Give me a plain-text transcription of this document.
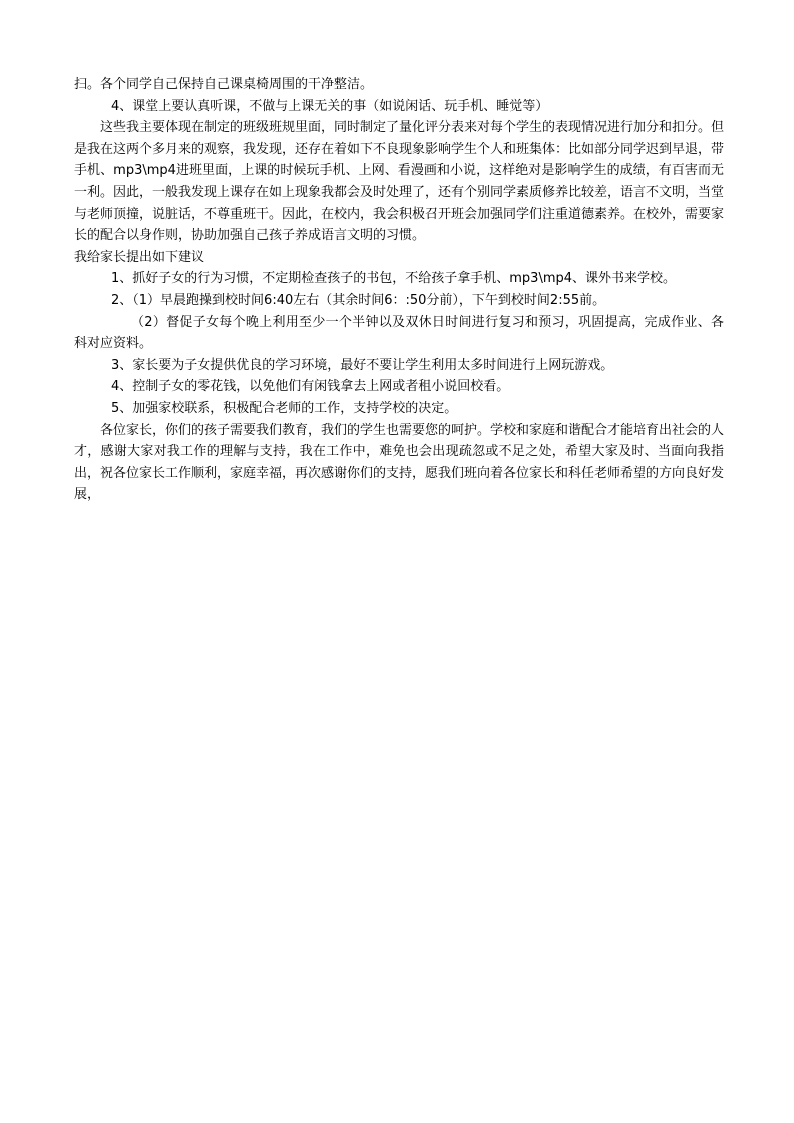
扫。各个同学自己保持自己课桌椅周围的干净整洁。

4、课堂上要认真听课，不做与上课无关的事（如说闲话、玩手机、睡觉等）

这些我主要体现在制定的班级班规里面，同时制定了量化评分表来对每个学生的表现情况进行加分和扣分。但是我在这两个多月来的观察，我发现，还存在着如下不良现象影响学生个人和班集体：比如部分同学迟到早退，带手机、mp3\mp4进班里面，上课的时候玩手机、上网、看漫画和小说，这样绝对是影响学生的成绩，有百害而无一利。因此，一般我发现上课存在如上现象我都会及时处理了，还有个别同学素质修养比较差，语言不文明，当堂与老师顶撞，说脏话，不尊重班干。因此，在校内，我会积极召开班会加强同学们注重道德素养。在校外，需要家长的配合以身作则，协助加强自己孩子养成语言文明的习惯。

我给家长提出如下建议

1、抓好子女的行为习惯，不定期检查孩子的书包，不给孩子拿手机、mp3\mp4、课外书来学校。

2、（1）早晨跑操到校时间6:40左右（其余时间6：:50分前），下午到校时间2:55前。

（2）督促子女每个晚上利用至少一个半钟以及双休日时间进行复习和预习，巩固提高，完成作业、各科对应资料。

3、家长要为子女提供优良的学习环境，最好不要让学生利用太多时间进行上网玩游戏。

4、控制子女的零花钱，以免他们有闲钱拿去上网或者租小说回校看。

5、加强家校联系，积极配合老师的工作，支持学校的决定。

各位家长，你们的孩子需要我们教育，我们的学生也需要您的呵护。学校和家庭和谐配合才能培育出社会的人才，感谢大家对我工作的理解与支持，我在工作中，难免也会出现疏忽或不足之处，希望大家及时、当面向我指出，祝各位家长工作顺利，家庭幸福，再次感谢你们的支持，愿我们班向着各位家长和科任老师希望的方向良好发展，
